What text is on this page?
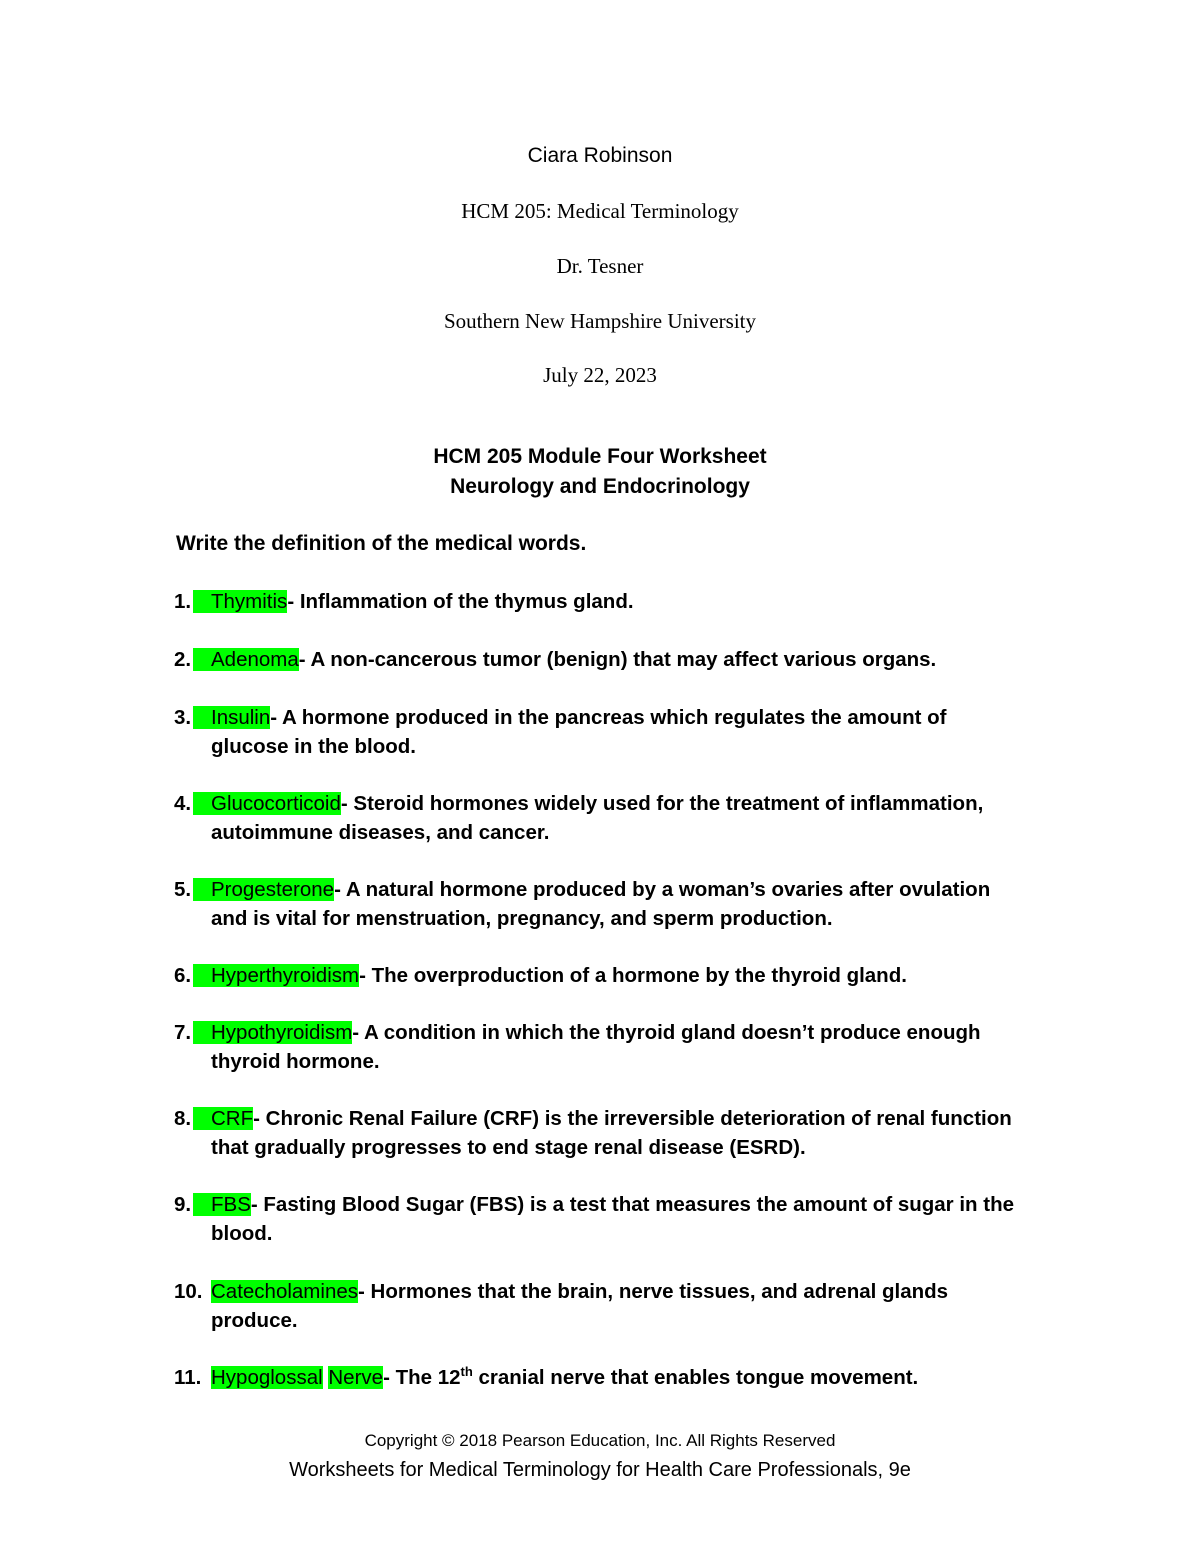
Ciara Robinson
HCM 205: Medical Terminology
Dr. Tesner
Southern New Hampshire University
July 22, 2023
HCM 205 Module Four Worksheet
Neurology and Endocrinology
Write the definition of the medical words.
1. Thymitis- Inflammation of the thymus gland.
2. Adenoma- A non-cancerous tumor (benign) that may affect various organs.
3. Insulin- A hormone produced in the pancreas which regulates the amount of
glucose in the blood.
4. Glucocorticoid- Steroid hormones widely used for the treatment of inflammation,
autoimmune diseases, and cancer.
5. Progesterone- A natural hormone produced by a woman’s ovaries after ovulation
and is vital for menstruation, pregnancy, and sperm production.
6. Hyperthyroidism- The overproduction of a hormone by the thyroid gland.
7. Hypothyroidism- A condition in which the thyroid gland doesn’t produce enough
thyroid hormone.
8. CRF- Chronic Renal Failure (CRF) is the irreversible deterioration of renal function
that gradually progresses to end stage renal disease (ESRD).
9. FBS- Fasting Blood Sugar (FBS) is a test that measures the amount of sugar in the
blood.
10. Catecholamines- Hormones that the brain, nerve tissues, and adrenal glands
produce.
11. Hypoglossal Nerve- The 12th cranial nerve that enables tongue movement.
Copyright © 2018 Pearson Education, Inc. All Rights Reserved
Worksheets for Medical Terminology for Health Care Professionals, 9e
